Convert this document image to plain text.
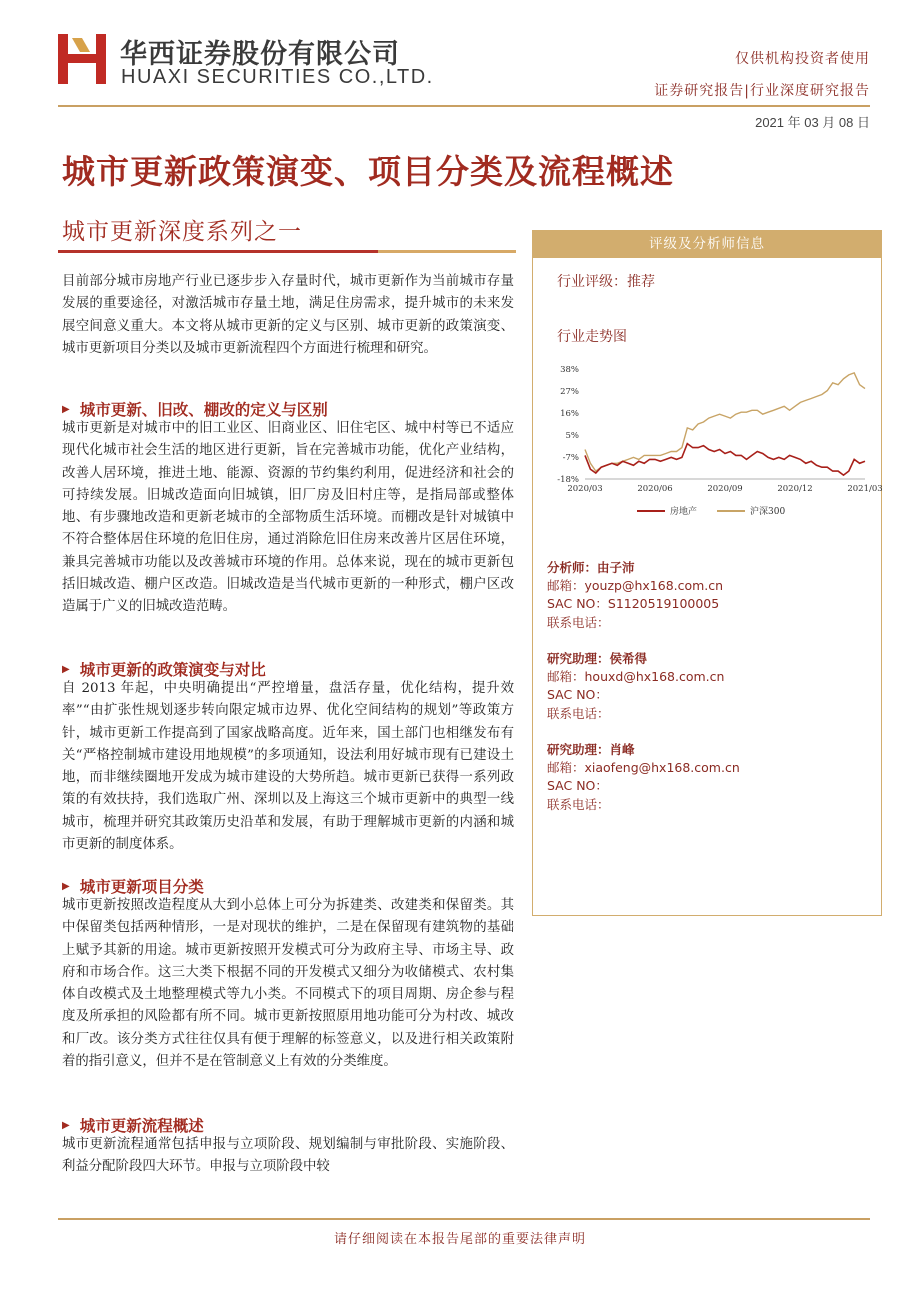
华西证券股份有限公司
HUAXI SECURITIES CO.,LTD.
仅供机构投资者使用
证券研究报告|行业深度研究报告
2021 年 03 月 08 日
城市更新政策演变、项目分类及流程概述
城市更新深度系列之一
目前部分城市房地产行业已逐步步入存量时代，城市更新作为当前城市存量发展的重要途径，对激活城市存量土地，满足住房需求，提升城市的未来发展空间意义重大。本文将从城市更新的定义与区别、城市更新的政策演变、城市更新项目分类以及城市更新流程四个方面进行梳理和研究。
▶ 城市更新、旧改、棚改的定义与区别
城市更新是对城市中的旧工业区、旧商业区、旧住宅区、城中村等已不适应现代化城市社会生活的地区进行更新，旨在完善城市功能，优化产业结构，改善人居环境，推进土地、能源、资源的节约集约利用，促进经济和社会的可持续发展。旧城改造面向旧城镇，旧厂房及旧村庄等，是指局部或整体地、有步骤地改造和更新老城市的全部物质生活环境。而棚改是针对城镇中不符合整体居住环境的危旧住房，通过消除危旧住房来改善片区居住环境，兼具完善城市功能以及改善城市环境的作用。总体来说，现在的城市更新包括旧城改造、棚户区改造。旧城改造是当代城市更新的一种形式，棚户区改造属于广义的旧城改造范畴。
▶ 城市更新的政策演变与对比
自 2013 年起，中央明确提出“严控增量，盘活存量，优化结构，提升效率”“由扩张性规划逐步转向限定城市边界、优化空间结构的规划”等政策方针，城市更新工作提高到了国家战略高度。近年来，国土部门也相继发布有关“严格控制城市建设用地规模”的多项通知，设法利用好城市现有已建设土地，而非继续圈地开发成为城市建设的大势所趋。城市更新已获得一系列政策的有效扶持，我们选取广州、深圳以及上海这三个城市更新中的典型一线城市，梳理并研究其政策历史沿革和发展，有助于理解城市更新的内涵和城市更新的制度体系。
▶ 城市更新项目分类
城市更新按照改造程度从大到小总体上可分为拆建类、改建类和保留类。其中保留类包括两种情形，一是对现状的维护，二是在保留现有建筑物的基础上赋予其新的用途。城市更新按照开发模式可分为政府主导、市场主导、政府和市场合作。这三大类下根据不同的开发模式又细分为收储模式、农村集体自改模式及土地整理模式等九小类。不同模式下的项目周期、房企参与程度及所承担的风险都有所不同。城市更新按照原用地功能可分为村改、城改和厂改。该分类方式往往仅具有便于理解的标签意义，以及进行相关政策附着的指引意义，但并不是在管制意义上有效的分类维度。
▶ 城市更新流程概述
城市更新流程通常包括申报与立项阶段、规划编制与审批阶段、实施阶段、利益分配阶段四大环节。申报与立项阶段中较
评级及分析师信息
行业评级：推荐
行业走势图
38%
27%
16%
5%
-7%
-18%
2020/03	2020/06	2020/09	2020/12	2021/03
房地产	沪深300
分析师：由子沛
邮箱：youzp@hx168.com.cn
SAC NO：S1120519100005
联系电话：
研究助理：侯希得
邮箱：houxd@hx168.com.cn
SAC NO：
联系电话：
研究助理：肖峰
邮箱：xiaofeng@hx168.com.cn
SAC NO：
联系电话：
请仔细阅读在本报告尾部的重要法律声明
